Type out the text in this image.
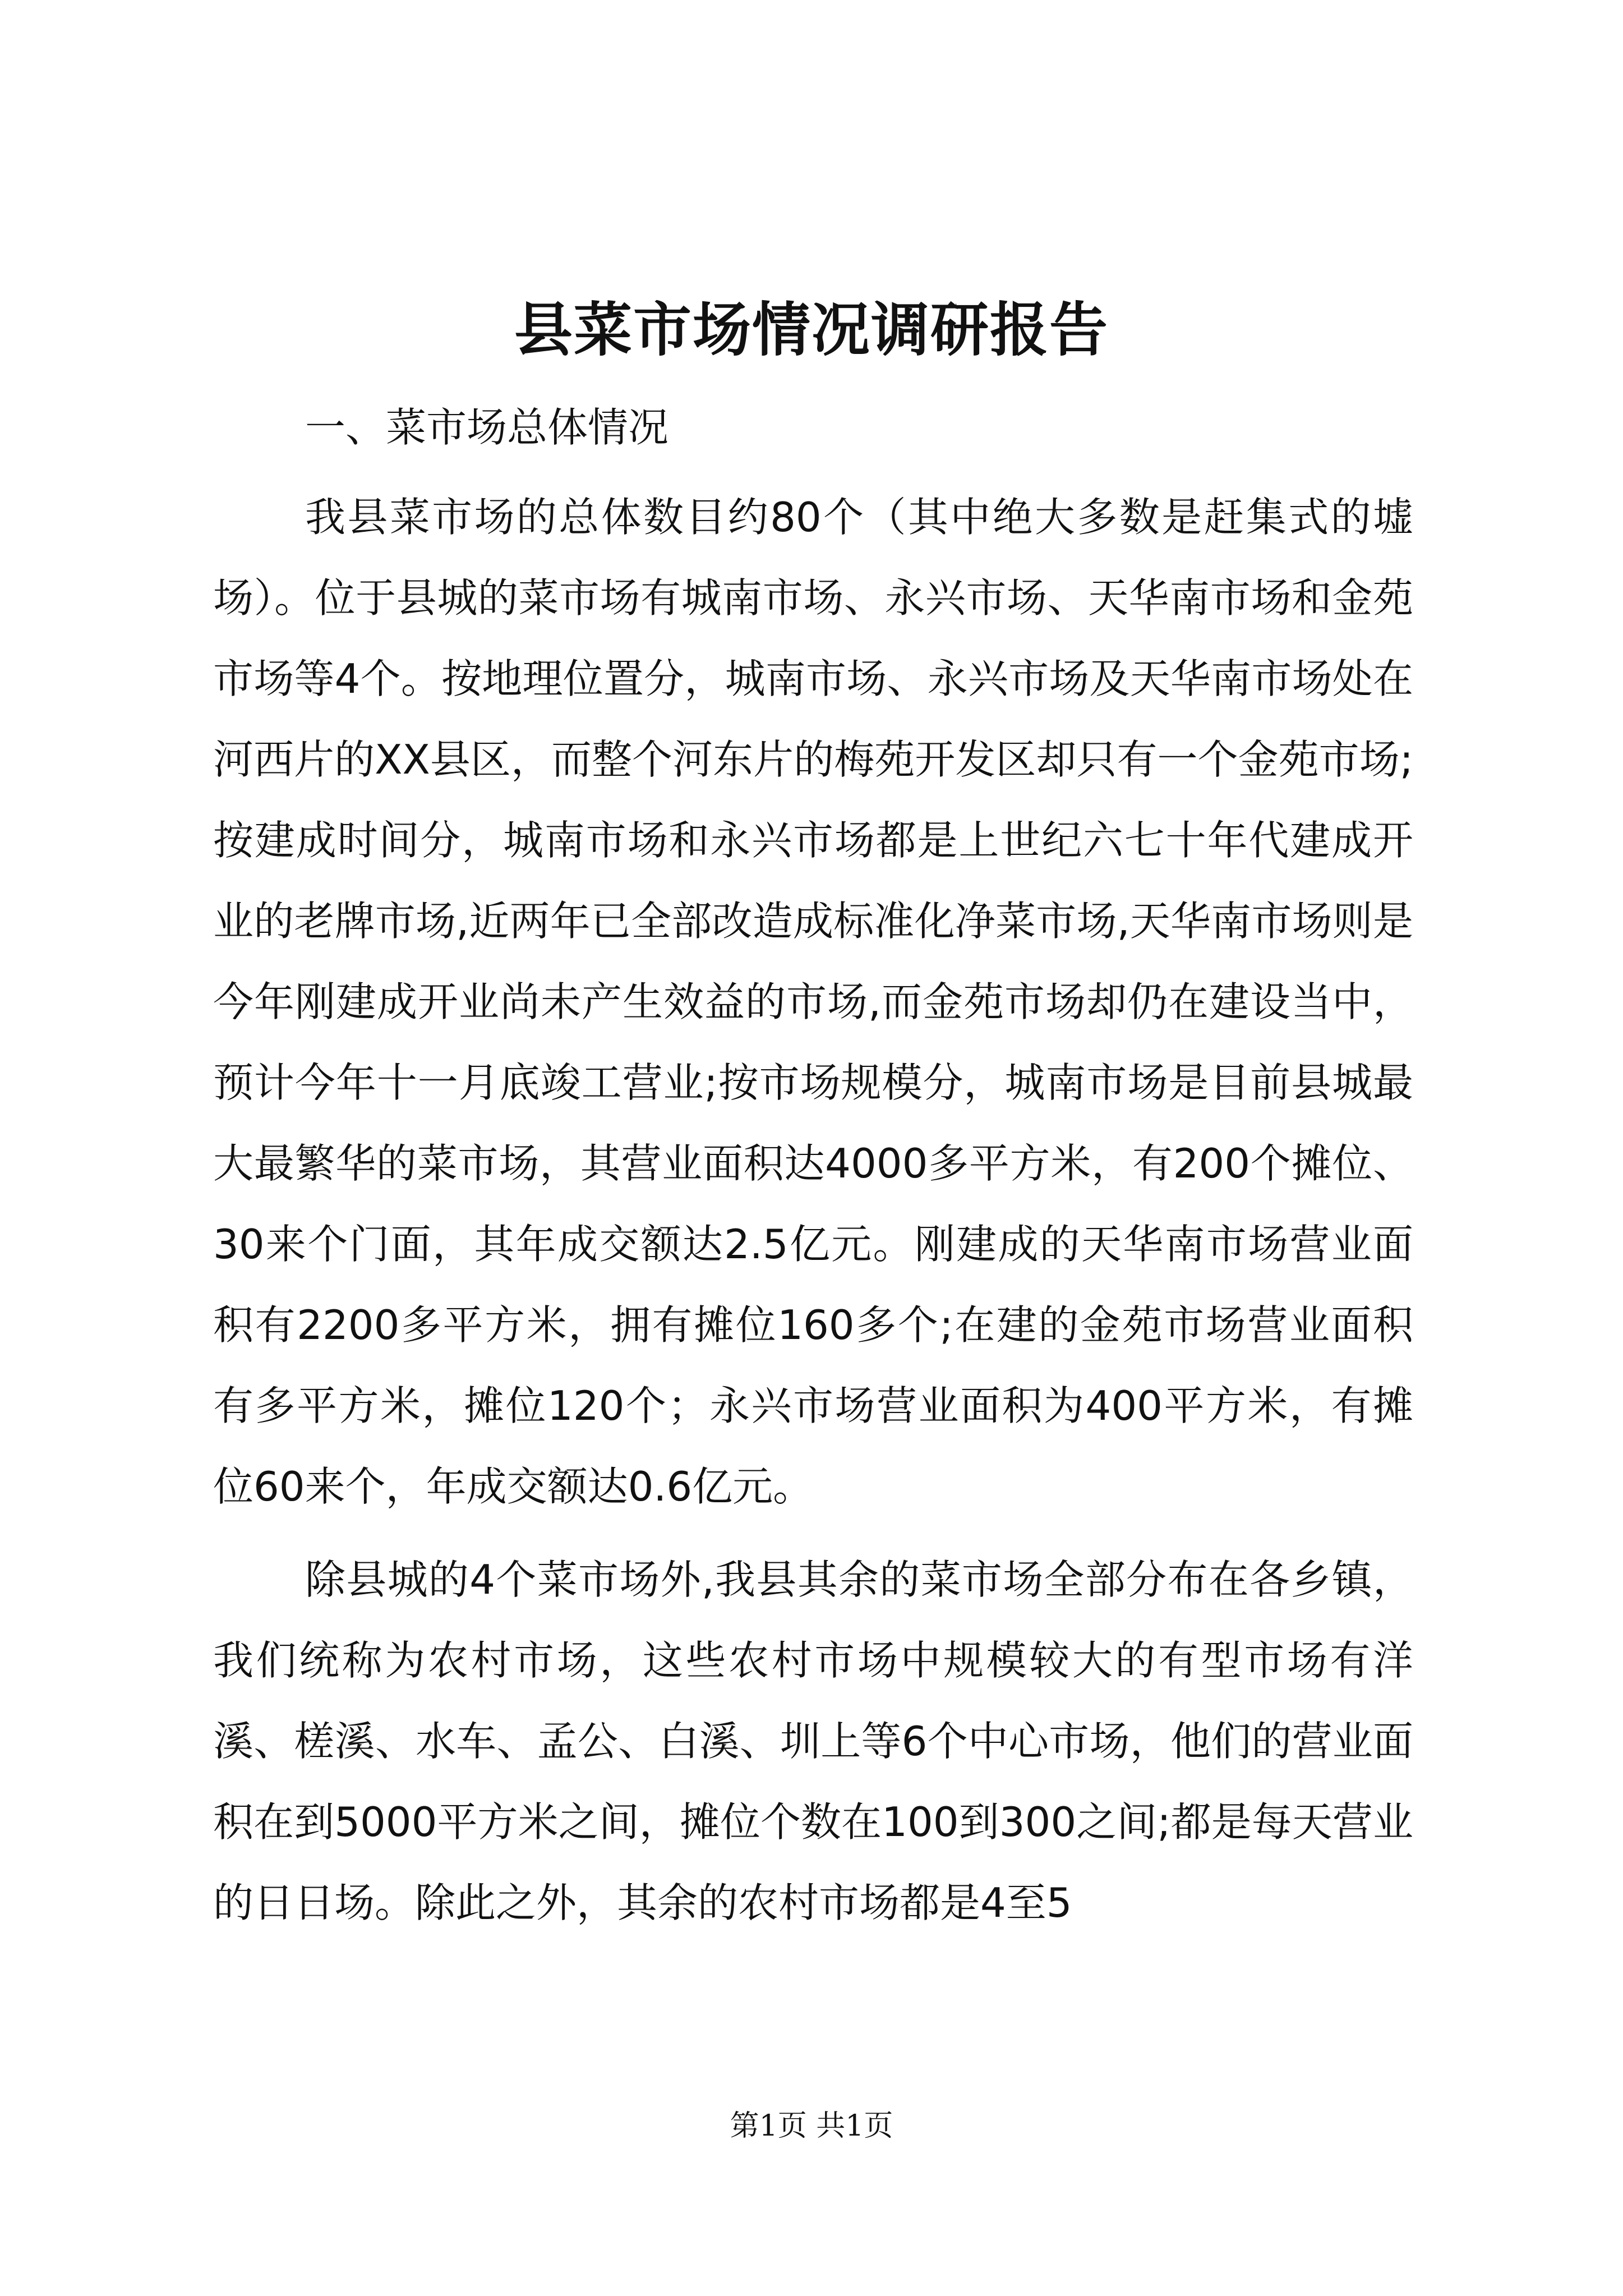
县菜市场情况调研报告

一、菜市场总体情况

我县菜市场的总体数目约80个（其中绝大多数是赶集式的墟场）。位于县城的菜市场有城南市场、永兴市场、天华南市场和金苑市场等4个。按地理位置分，城南市场、永兴市场及天华南市场处在河西片的XX县区，而整个河东片的梅苑开发区却只有一个金苑市场;按建成时间分，城南市场和永兴市场都是上世纪六七十年代建成开业的老牌市场,近两年已全部改造成标准化净菜市场,天华南市场则是今年刚建成开业尚未产生效益的市场,而金苑市场却仍在建设当中，预计今年十一月底竣工营业;按市场规模分，城南市场是目前县城最大最繁华的菜市场，其营业面积达4000多平方米，有200个摊位、30来个门面，其年成交额达2.5亿元。刚建成的天华南市场营业面积有2200多平方米，拥有摊位160多个;在建的金苑市场营业面积有多平方米，摊位120个；永兴市场营业面积为400平方米，有摊位60来个，年成交额达0.6亿元。

除县城的4个菜市场外,我县其余的菜市场全部分布在各乡镇，我们统称为农村市场，这些农村市场中规模较大的有型市场有洋溪、槎溪、水车、孟公、白溪、圳上等6个中心市场，他们的营业面积在到5000平方米之间，摊位个数在100到300之间;都是每天营业的日日场。除此之外，其余的农村市场都是4至5

第1页 共1页
